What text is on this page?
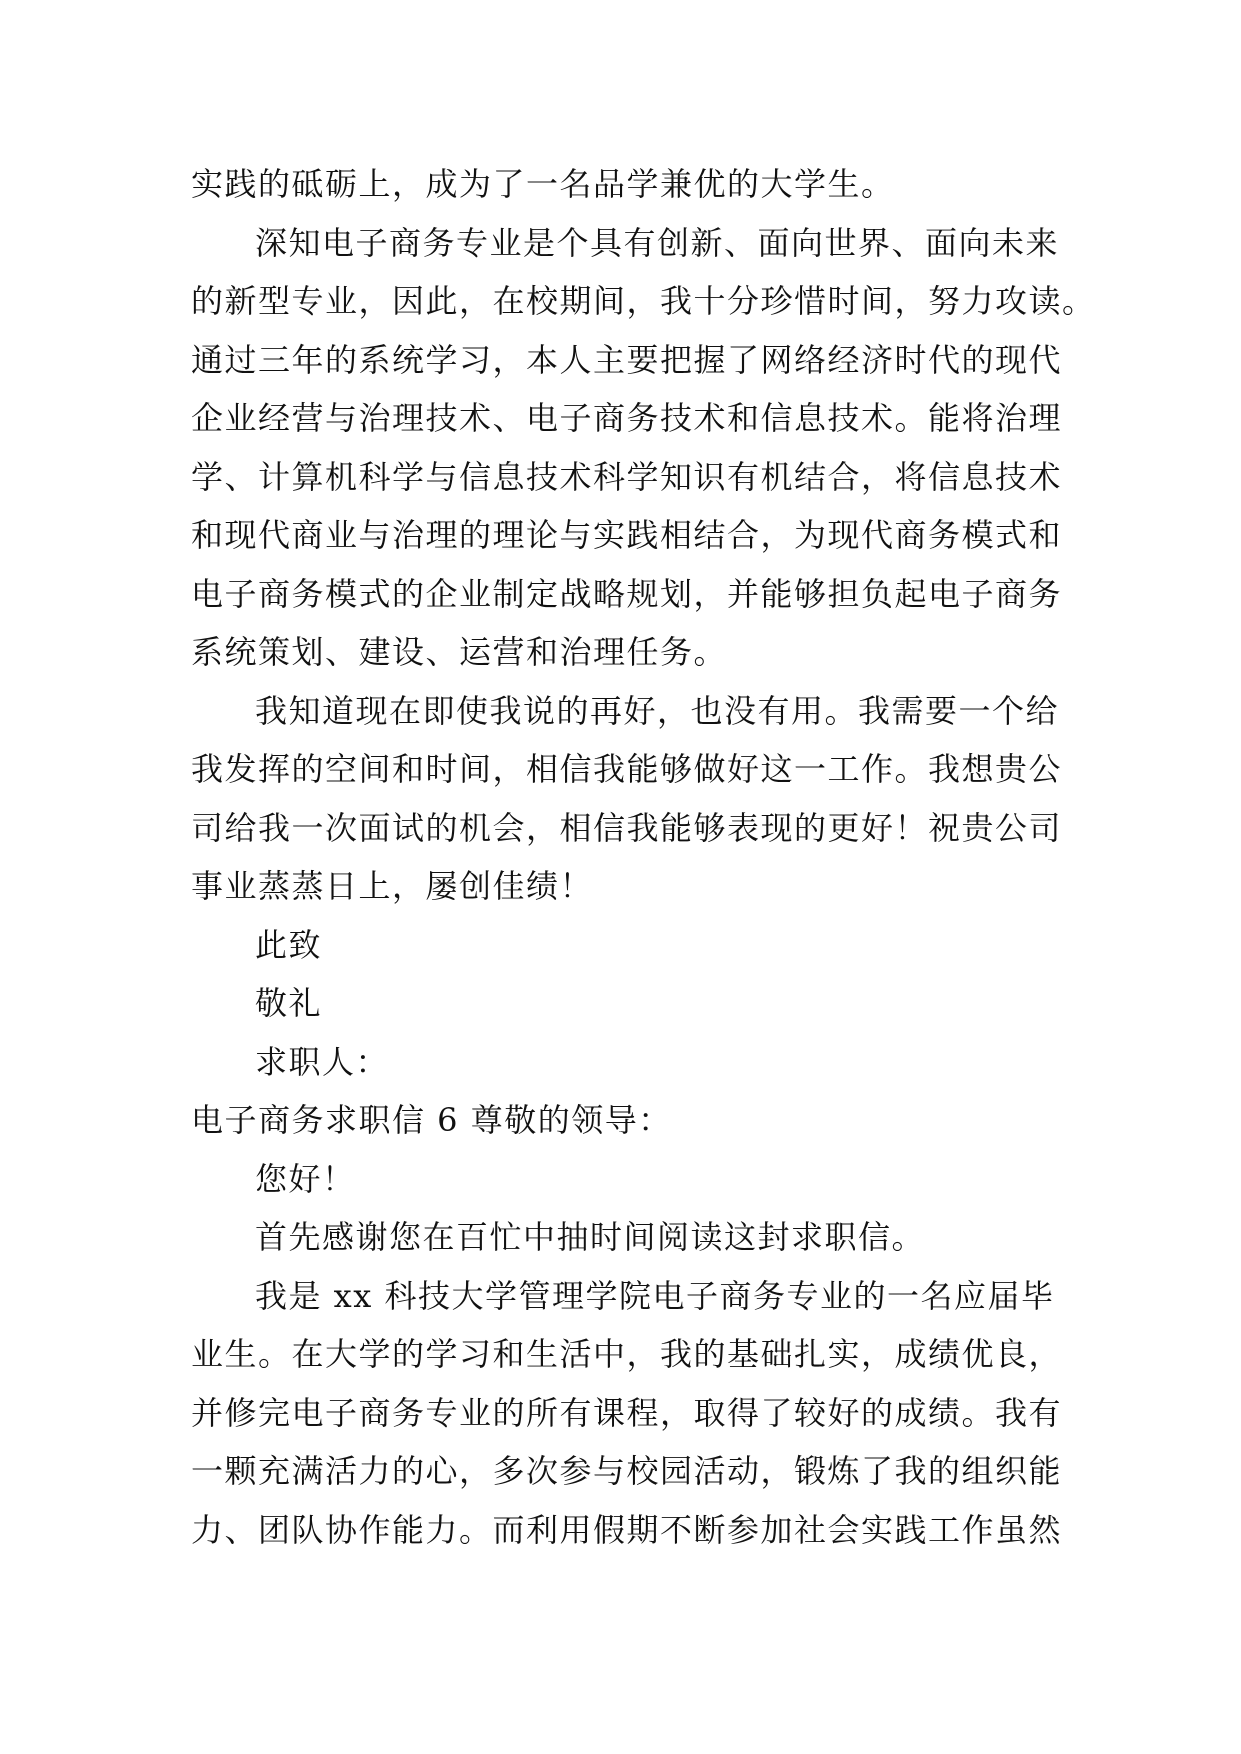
实践的砥砺上，成为了一名品学兼优的大学生。
深知电子商务专业是个具有创新、面向世界、面向未来
的新型专业，因此，在校期间，我十分珍惜时间，努力攻读。
通过三年的系统学习，本人主要把握了网络经济时代的现代
企业经营与治理技术、电子商务技术和信息技术。能将治理
学、计算机科学与信息技术科学知识有机结合，将信息技术
和现代商业与治理的理论与实践相结合，为现代商务模式和
电子商务模式的企业制定战略规划，并能够担负起电子商务
系统策划、建设、运营和治理任务。
我知道现在即使我说的再好，也没有用。我需要一个给
我发挥的空间和时间，相信我能够做好这一工作。我想贵公
司给我一次面试的机会，相信我能够表现的更好！祝贵公司
事业蒸蒸日上，屡创佳绩！
此致
敬礼
求职人：
电子商务求职信 6 尊敬的领导：
您好！
首先感谢您在百忙中抽时间阅读这封求职信。
我是 xx 科技大学管理学院电子商务专业的一名应届毕
业生。在大学的学习和生活中，我的基础扎实，成绩优良，
并修完电子商务专业的所有课程，取得了较好的成绩。我有
一颗充满活力的心，多次参与校园活动，锻炼了我的组织能
力、团队协作能力。而利用假期不断参加社会实践工作虽然
